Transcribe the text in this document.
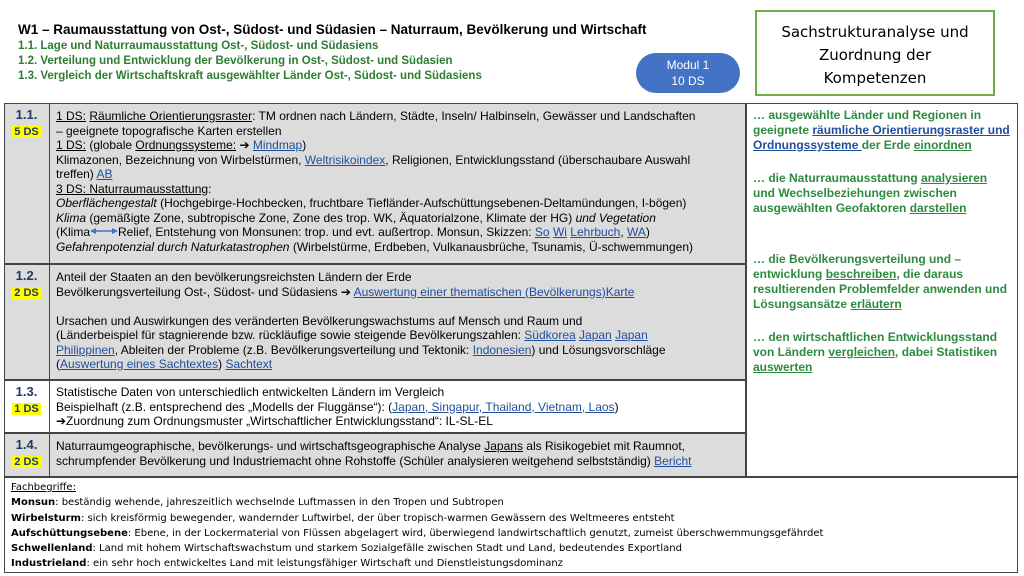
W1 – Raumausstattung von Ost-, Südost- und Südasien – Naturraum, Bevölkerung und Wirtschaft
1.1. Lage und Naturraumausstattung Ost-, Südost- und Südasiens
1.2. Verteilung und Entwicklung der Bevölkerung in Ost-, Südost- und Südasien
1.3. Vergleich der Wirtschaftskraft ausgewählter Länder Ost-, Südost- und Südasiens
Modul 1
10 DS
Sachstrukturanalyse und
Zuordnung der
Kompetenzen
1.1.
5 DS
1 DS: Räumliche Orientierungsraster: TM ordnen nach Ländern, Städte, Inseln/ Halbinseln, Gewässer und Landschaften
– geeignete topografische Karten erstellen
1 DS: (globale Ordnungssysteme: ➔ Mindmap)
Klimazonen, Bezeichnung von Wirbelstürmen, Weltrisikoindex, Religionen, Entwicklungsstand (überschaubare Auswahl
treffen) AB
3 DS: Naturraumausstattung:
Oberflächengestalt (Hochgebirge-Hochbecken, fruchtbare Tiefländer-Aufschüttungsebenen-Deltamündungen, I-bögen)
Klima (gemäßigte Zone, subtropische Zone, Zone des trop. WK, Äquatorialzone, Klimate der HG) und Vegetation
(Klima Relief, Entstehung von Monsunen: trop. und evt. außertrop. Monsun, Skizzen: So Wi Lehrbuch, WA)
Gefahrenpotenzial durch Naturkatastrophen (Wirbelstürme, Erdbeben, Vulkanausbrüche, Tsunamis, Ü-schwemmungen)
1.2.
2 DS
Anteil der Staaten an den bevölkerungsreichsten Ländern der Erde
Bevölkerungsverteilung Ost-, Südost- und Südasiens ➔ Auswertung einer thematischen (Bevölkerungs)Karte
Ursachen und Auswirkungen des veränderten Bevölkerungswachstums auf Mensch und Raum und
(Länderbeispiel für stagnierende bzw. rückläufige sowie steigende Bevölkerungszahlen: Südkorea Japan Japan
Philippinen, Ableiten der Probleme (z.B. Bevölkerungsverteilung und Tektonik: Indonesien) und Lösungsvorschläge
(Auswertung eines Sachtextes) Sachtext
1.3.
1 DS
Statistische Daten von unterschiedlich entwickelten Ländern im Vergleich
Beispielhaft (z.B. entsprechend des „Modells der Fluggänse“): (Japan, Singapur, Thailand, Vietnam, Laos)
➔Zuordnung zum Ordnungsmuster „Wirtschaftlicher Entwicklungsstand“: IL-SL-EL
1.4.
2 DS
Naturraumgeographische, bevölkerungs- und wirtschaftsgeographische Analyse Japans als Risikogebiet mit Raumnot,
schrumpfender Bevölkerung und Industriemacht ohne Rohstoffe (Schüler analysieren weitgehend selbstständig) Bericht

… ausgewählte Länder und Regionen in geeignete räumliche Orientierungsraster und Ordnungssysteme der Erde einordnen

… die Naturraumausstattung analysieren und Wechselbeziehungen zwischen ausgewählten Geofaktoren darstellen

… die Bevölkerungsverteilung und –entwicklung beschreiben, die daraus resultierenden Problemfelder anwenden und Lösungsansätze erläutern

… den wirtschaftlichen Entwicklungsstand von Ländern vergleichen, dabei Statistiken auswerten

Fachbegriffe:
Monsun: beständig wehende, jahreszeitlich wechselnde Luftmassen in den Tropen und Subtropen
Wirbelsturm: sich kreisförmig bewegender, wandernder Luftwirbel, der über tropisch-warmen Gewässern des Weltmeeres entsteht
Aufschüttungsebene: Ebene, in der Lockermaterial von Flüssen abgelagert wird, überwiegend landwirtschaftlich genutzt, zumeist überschwemmungsgefährdet
Schwellenland: Land mit hohem Wirtschaftswachstum und starkem Sozialgefälle zwischen Stadt und Land, bedeutendes Exportland
Industrieland: ein sehr hoch entwickeltes Land mit leistungsfähiger Wirtschaft und Dienstleistungsdominanz
